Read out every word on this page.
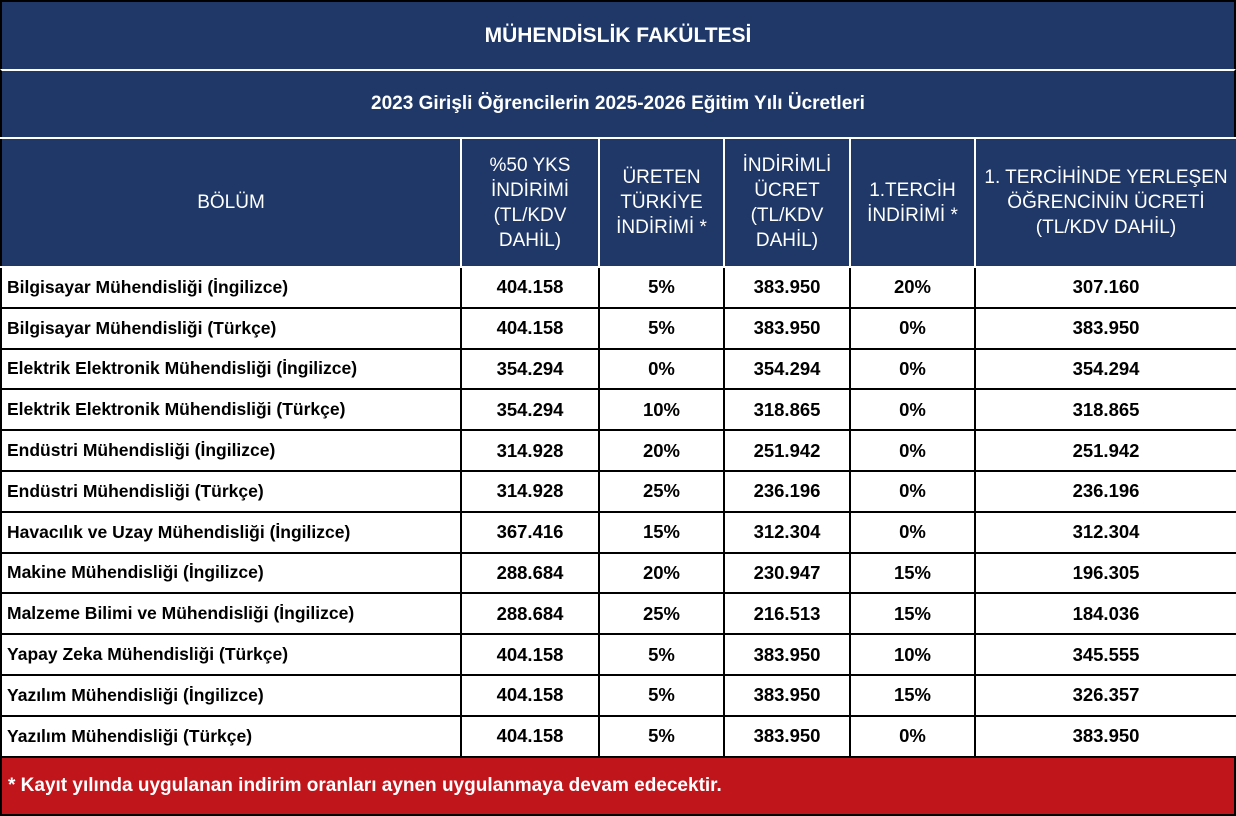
MÜHENDİSLİK FAKÜLTESİ
2023 Girişli Öğrencilerin 2025-2026 Eğitim Yılı Ücretleri
BÖLÜM	%50 YKS İNDİRİMİ (TL/KDV DAHİL)	ÜRETEN TÜRKİYE İNDİRİMİ *	İNDİRİMLİ ÜCRET (TL/KDV DAHİL)	1.TERCİH İNDİRİMİ *	1. TERCİHİNDE YERLEŞEN ÖĞRENCİNİN ÜCRETİ (TL/KDV DAHİL)
Bilgisayar Mühendisliği (İngilizce)	404.158	5%	383.950	20%	307.160
Bilgisayar Mühendisliği (Türkçe)	404.158	5%	383.950	0%	383.950
Elektrik Elektronik Mühendisliği (İngilizce)	354.294	0%	354.294	0%	354.294
Elektrik Elektronik Mühendisliği (Türkçe)	354.294	10%	318.865	0%	318.865
Endüstri Mühendisliği (İngilizce)	314.928	20%	251.942	0%	251.942
Endüstri Mühendisliği (Türkçe)	314.928	25%	236.196	0%	236.196
Havacılık ve Uzay Mühendisliği (İngilizce)	367.416	15%	312.304	0%	312.304
Makine Mühendisliği (İngilizce)	288.684	20%	230.947	15%	196.305
Malzeme Bilimi ve Mühendisliği (İngilizce)	288.684	25%	216.513	15%	184.036
Yapay Zeka Mühendisliği (Türkçe)	404.158	5%	383.950	10%	345.555
Yazılım Mühendisliği (İngilizce)	404.158	5%	383.950	15%	326.357
Yazılım Mühendisliği (Türkçe)	404.158	5%	383.950	0%	383.950
* Kayıt yılında uygulanan indirim oranları aynen uygulanmaya devam edecektir.
